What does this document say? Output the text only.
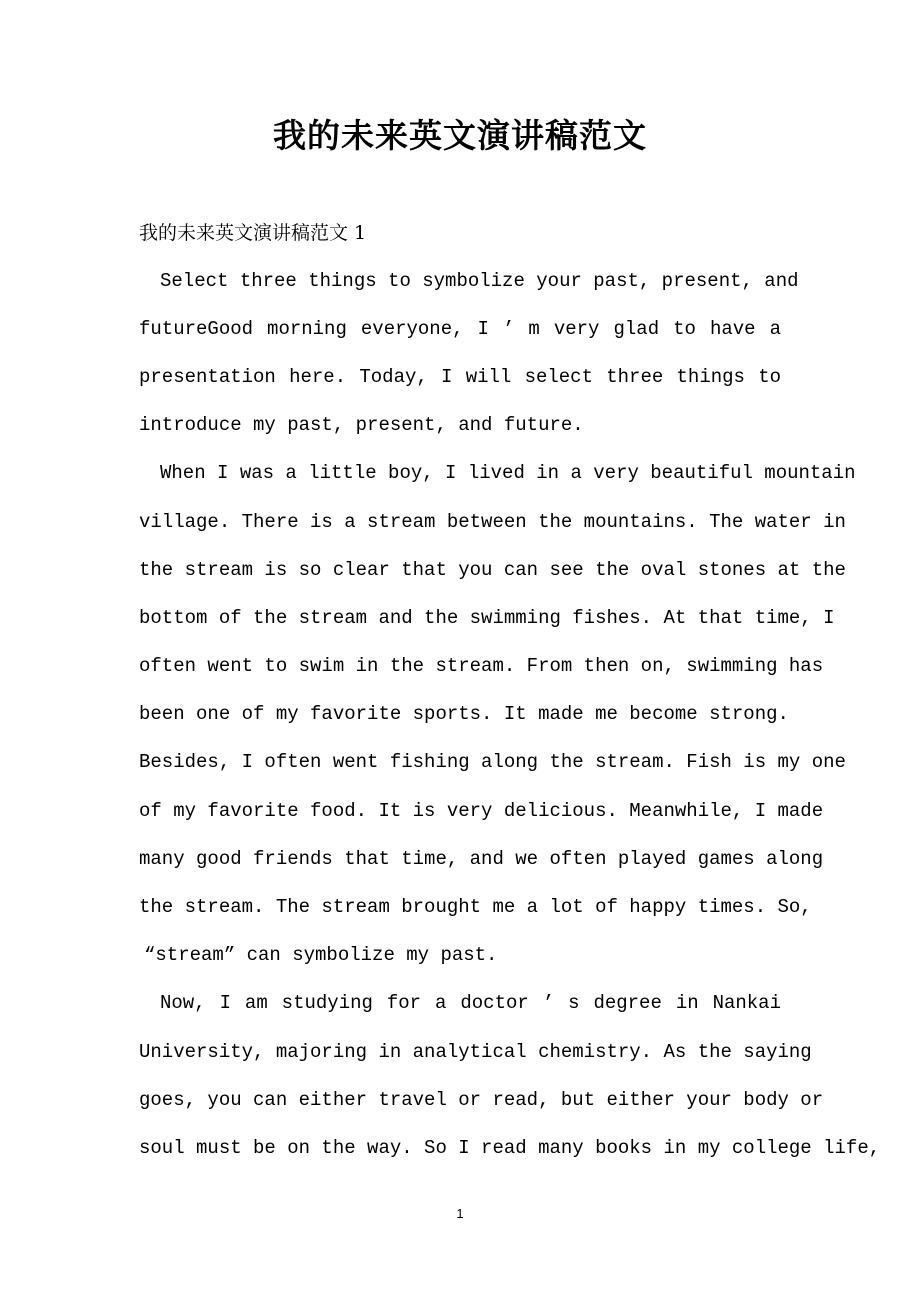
我的未来英文演讲稿范文
我的未来英文演讲稿范文 1
Select three things to symbolize your past, present, and
futureGood morning everyone, I ’ m very glad to have a
presentation here. Today, I will select three things to
introduce my past, present, and future.
When I was a little boy, I lived in a very beautiful mountain
village. There is a stream between the mountains. The water in
the stream is so clear that you can see the oval stones at the
bottom of the stream and the swimming fishes. At that time, I
often went to swim in the stream. From then on, swimming has
been one of my favorite sports. It made me become strong.
Besides, I often went fishing along the stream. Fish is my one
of my favorite food. It is very delicious. Meanwhile, I made
many good friends that time, and we often played games along
the stream. The stream brought me a lot of happy times. So,
“stream” can symbolize my past.
Now, I am studying for a doctor ’ s degree in Nankai
University, majoring in analytical chemistry. As the saying
goes, you can either travel or read, but either your body or
soul must be on the way. So I read many books in my college life,
1
